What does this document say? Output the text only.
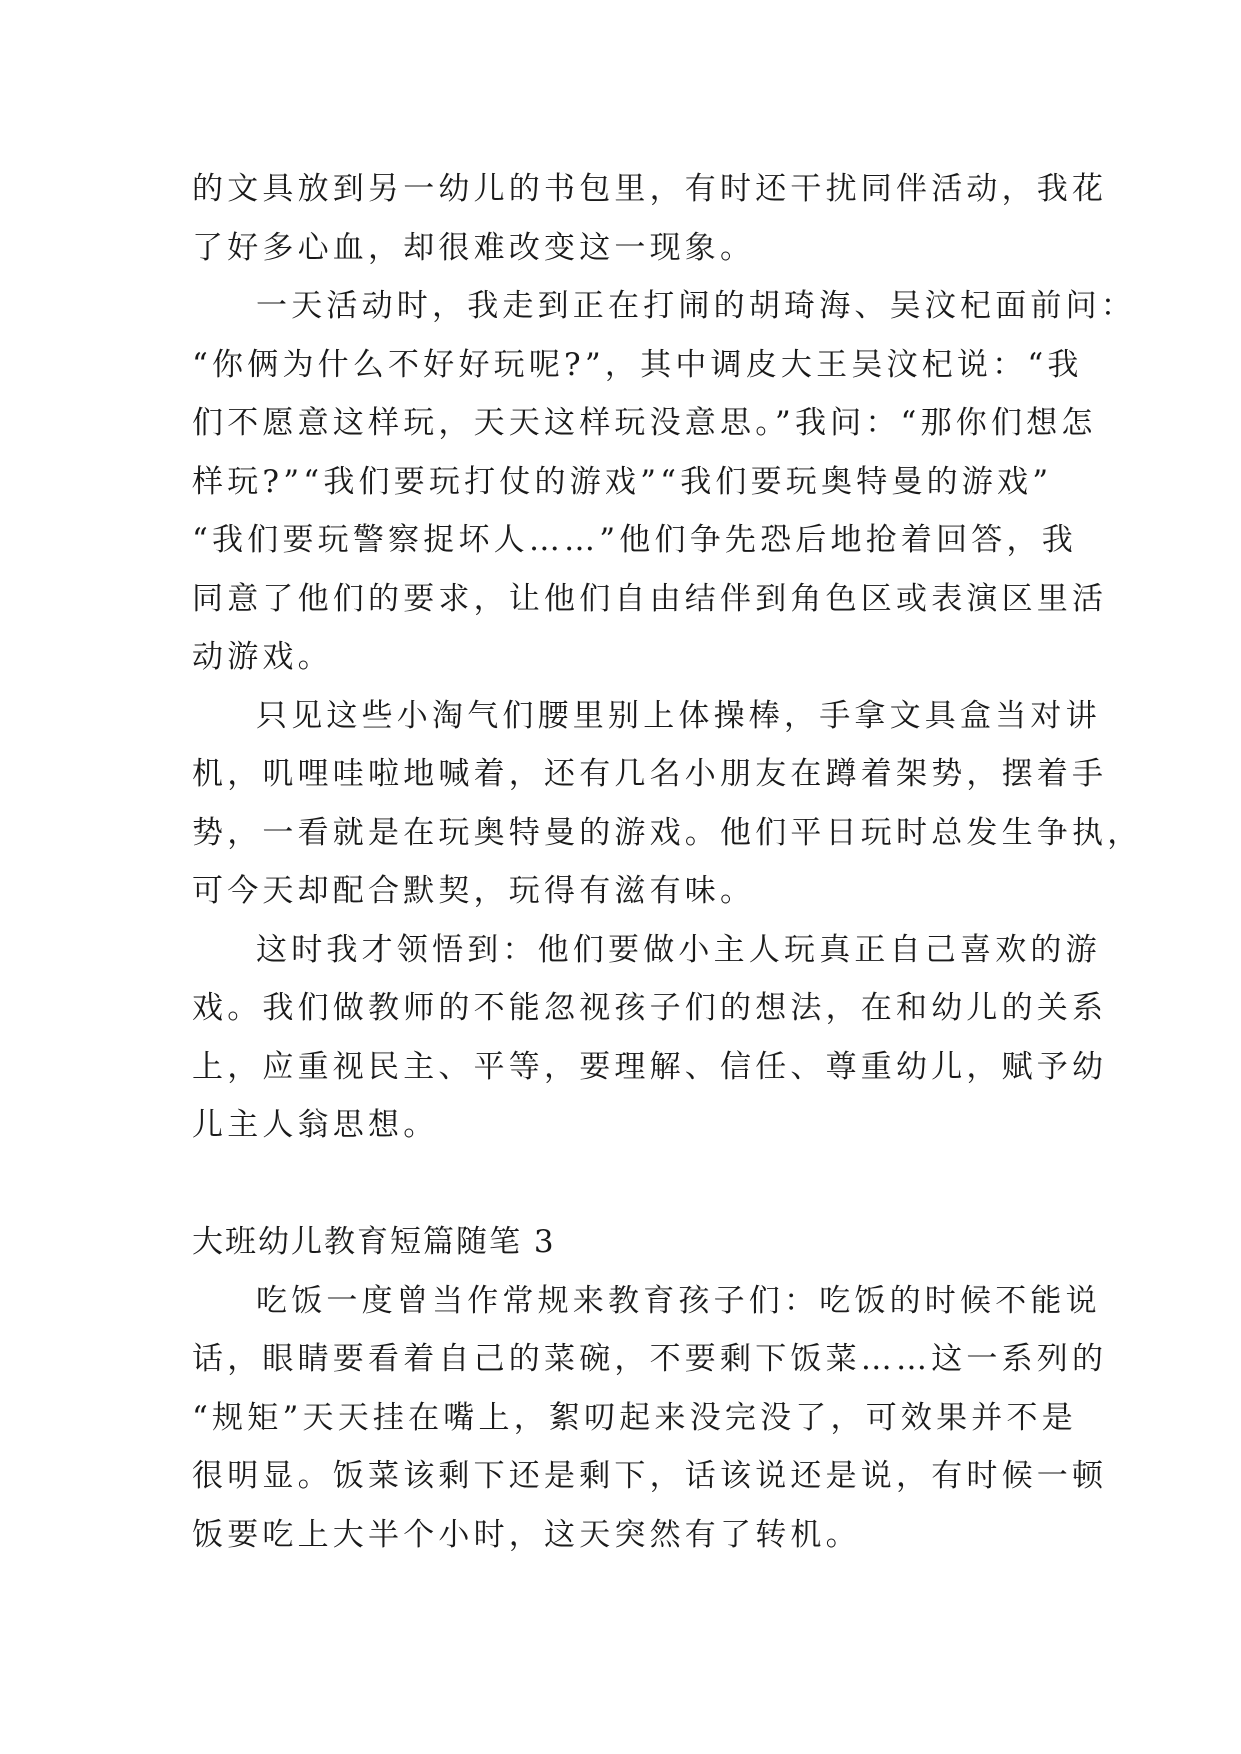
的文具放到另一幼儿的书包里，有时还干扰同伴活动，我花
了好多心血，却很难改变这一现象。
一天活动时，我走到正在打闹的胡琦海、吴汶杞面前问：
“你俩为什么不好好玩呢?”，其中调皮大王吴汶杞说：“我
们不愿意这样玩，天天这样玩没意思。”我问：“那你们想怎
样玩?”“我们要玩打仗的游戏”“我们要玩奥特曼的游戏”
“我们要玩警察捉坏人……”他们争先恐后地抢着回答，我
同意了他们的要求，让他们自由结伴到角色区或表演区里活
动游戏。
只见这些小淘气们腰里别上体操棒，手拿文具盒当对讲
机，叽哩哇啦地喊着，还有几名小朋友在蹲着架势，摆着手
势，一看就是在玩奥特曼的游戏。他们平日玩时总发生争执，
可今天却配合默契，玩得有滋有味。
这时我才领悟到：他们要做小主人玩真正自己喜欢的游
戏。我们做教师的不能忽视孩子们的想法，在和幼儿的关系
上，应重视民主、平等，要理解、信任、尊重幼儿，赋予幼
儿主人翁思想。
大班幼儿教育短篇随笔 3
吃饭一度曾当作常规来教育孩子们：吃饭的时候不能说
话，眼睛要看着自己的菜碗，不要剩下饭菜……这一系列的
“规矩”天天挂在嘴上，絮叨起来没完没了，可效果并不是
很明显。饭菜该剩下还是剩下，话该说还是说，有时候一顿
饭要吃上大半个小时，这天突然有了转机。
